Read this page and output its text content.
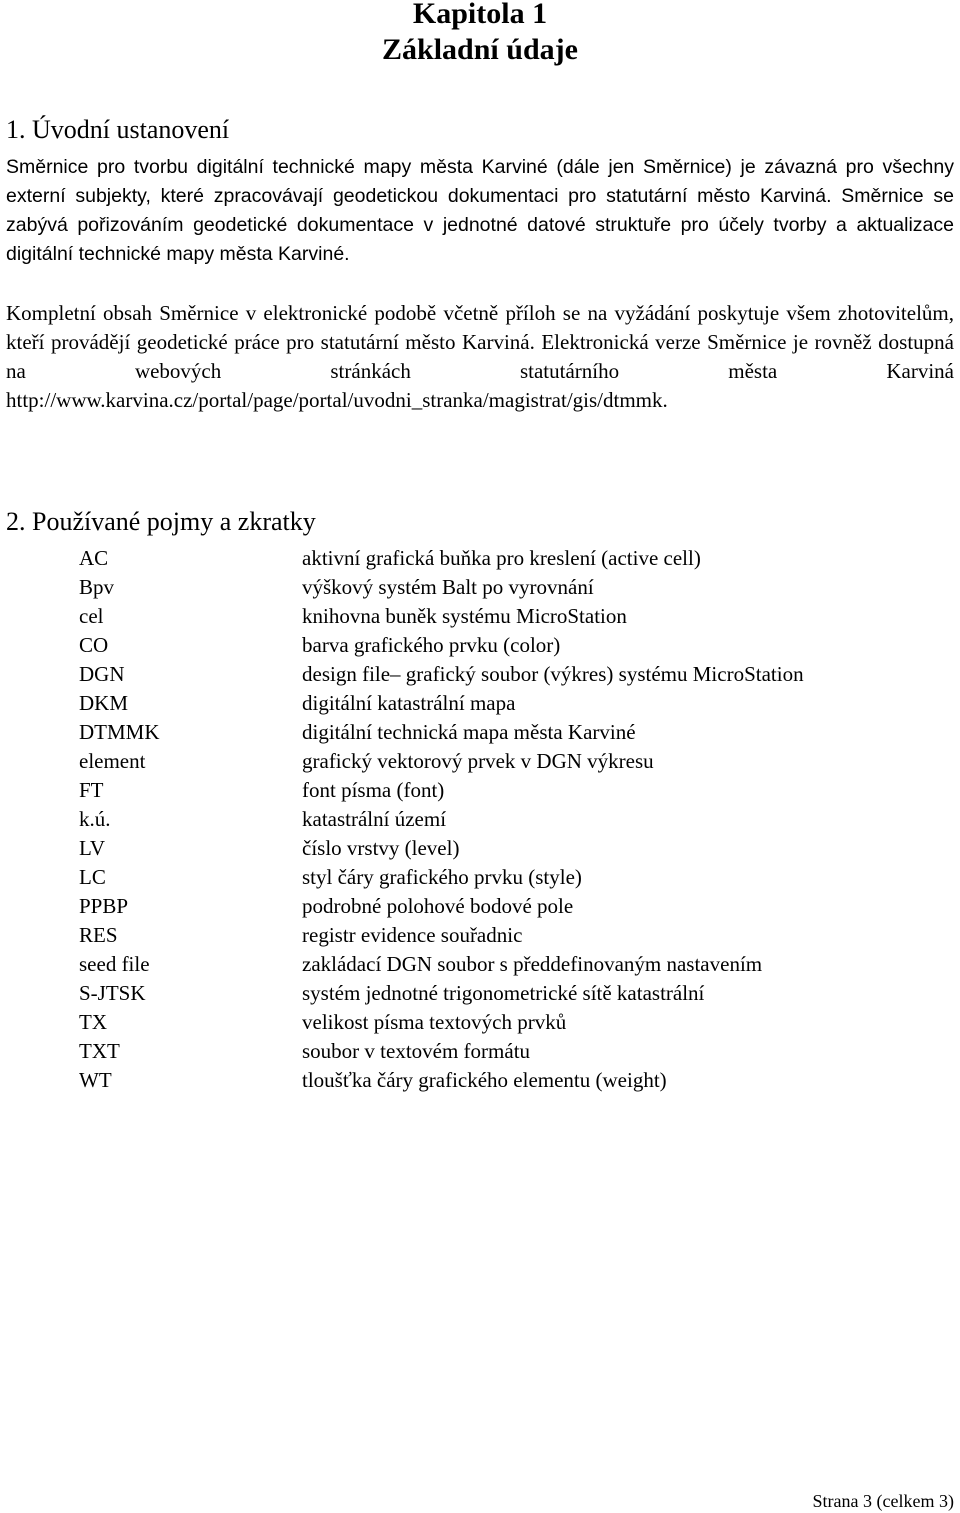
Kapitola 1
Základní údaje
1. Úvodní ustanovení

Směrnice pro tvorbu digitální technické mapy města Karviné (dále jen Směrnice) je závazná pro všechny externí subjekty, které zpracovávají geodetickou dokumentaci pro statutární město Karviná. Směrnice se zabývá pořizováním geodetické dokumentace v jednotné datové struktuře pro účely tvorby a aktualizace digitální technické mapy města Karviné.

Kompletní obsah Směrnice v elektronické podobě včetně příloh se na vyžádání poskytuje všem zhotovitelům, kteří provádějí geodetické práce pro statutární město Karviná. Elektronická verze Směrnice je rovněž dostupná na webových stránkách statutárního města Karviná http://www.karvina.cz/portal/page/portal/uvodni_stranka/magistrat/gis/dtmmk.

2. Používané pojmy a zkratky
AC	aktivní grafická buňka pro kreslení (active cell)
Bpv	výškový systém Balt po vyrovnání
cel	knihovna buněk systému MicroStation
CO	barva grafického prvku (color)
DGN	design file– grafický soubor (výkres) systému MicroStation
DKM	digitální katastrální mapa
DTMMK	digitální technická mapa města Karviné
element	grafický vektorový prvek v DGN výkresu
FT	font písma (font)
k.ú.	katastrální území
LV	číslo vrstvy (level)
LC	styl čáry grafického prvku (style)
PPBP	podrobné polohové bodové pole
RES	registr evidence souřadnic
seed file	zakládací DGN soubor s předdefinovaným nastavením
S-JTSK	systém jednotné trigonometrické sítě katastrální
TX	velikost písma textových prvků
TXT	soubor v textovém formátu
WT	tloušťka čáry grafického elementu (weight)
Strana 3 (celkem 3)
